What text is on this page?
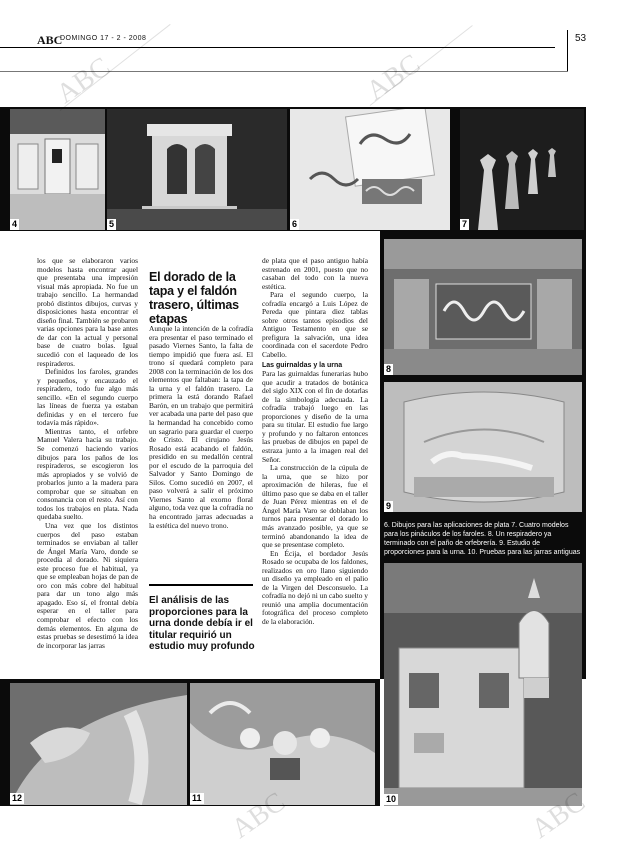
ABC
DOMINGO 17 - 2 - 2008	53
4	5	6	7
8
9
6. Dibujos para las aplicaciones de plata 7. Cuatro modelos para los pináculos de los faroles. 8. Un respiradero ya terminado con el paño de orfebrería. 9. Estudio de proporciones para la urna. 10. Pruebas para las jarras antiguas
10
11
12

los que se elaboraron varios modelos hasta encontrar aquel que presentaba una impresión visual más apropiada. No fue un trabajo sencillo. La hermandad probó distintos dibujos, curvas y disposiciones hasta encontrar el diseño final. También se probaron varias opciones para la base antes de dar con la actual y personal base de cuatro bolas. Igual sucedió con el laqueado de los respiraderos.

Definidos los faroles, grandes y pequeños, y encauzado el respiradero, todo fue algo más sencillo. «En el segundo cuerpo las líneas de fuerza ya estaban definidas y en el tercero fue todavía más rápido».

Mientras tanto, el orfebre Manuel Valera hacía su trabajo. Se comenzó haciendo varios dibujos para los paños de los respiraderos, se escogieron los más apropiados y se volvió de probarlos junto a la madera para comprobar que se situaban en consonancia con el resto. Así con todos los trabajos en plata. Nada quedaba suelto.

Una vez que los distintos cuerpos del paso estaban terminados se enviaban al taller de Ángel María Varo, donde se procedía al dorado. Ni siquiera este proceso fue el habitual, ya que se empleaban hojas de pan de oro con más cobre del habitual para dar un tono algo más apagado. Eso sí, el frontal debía esperar en el taller para comprobar el efecto con los demás elementos. En alguna de estas pruebas se desestimó la idea de incorporar las jarras

El dorado de la tapa y el faldón trasero, últimas etapas

Aunque la intención de la cofradía era presentar el paso terminado el pasado Viernes Santo, la falta de tiempo impidió que fuera así. El trono sí quedará completo para 2008 con la terminación de los dos elementos que faltaban: la tapa de la urna y el faldón trasero. La primera la está dorando Rafael Barón, en un trabajo que permitirá ver acabada una parte del paso que la hermandad ha concebido como un sagrario para guardar el cuerpo de Cristo. El cirujano Jesús Rosado está acabando el faldón, presidido en su medallón central por el escudo de la parroquia del Salvador y Santo Domingo de Silos. Como sucedió en 2007, el paso volverá a salir el próximo Viernes Santo al exorno floral alguno, toda vez que la cofradía no ha encontrado jarras adecuadas a la estética del nuevo trono.

El análisis de las proporciones para la urna donde debía ir el titular requirió un estudio muy profundo

de plata que el paso antiguo había estrenado en 2001, puesto que no casaban del todo con la nueva estética.

Para el segundo cuerpo, la cofradía encargó a Luis López de Pereda que pintara diez tablas sobre otros tantos episodios del Antiguo Testamento en que se prefigura la salvación, una idea coordinada con el sacerdote Pedro Cabello.

Las guirnaldas y la urna

Para las guirnaldas funerarias hubo que acudir a tratados de botánica del siglo XIX con el fin de dotarlas de la simbología adecuada. La cofradía trabajó luego en las proporciones y diseño de la urna para su titular. El estudio fue largo y profundo y no faltaron entonces las pruebas de dibujos en papel de estraza junto a la imagen real del Señor.

La construcción de la cúpula de la urna, que se hizo por aproximación de hileras, fue el último paso que se daba en el taller de Juan Pérez mientras en el de Ángel María Varo se doblaban los turnos para presentar el dorado lo más avanzado posible, ya que se terminó abandonando la idea de que se presentase completo.

En Écija, el bordador Jesús Rosado se ocupaba de los faldones, realizados en oro llano siguiendo un diseño ya empleado en el palio de la Virgen del Desconsuelo. La cofradía no dejó ni un cabo suelto y reunió una amplia documentación fotográfica del proceso completo de la elaboración.

ABC	ABC
ABC	ABC
